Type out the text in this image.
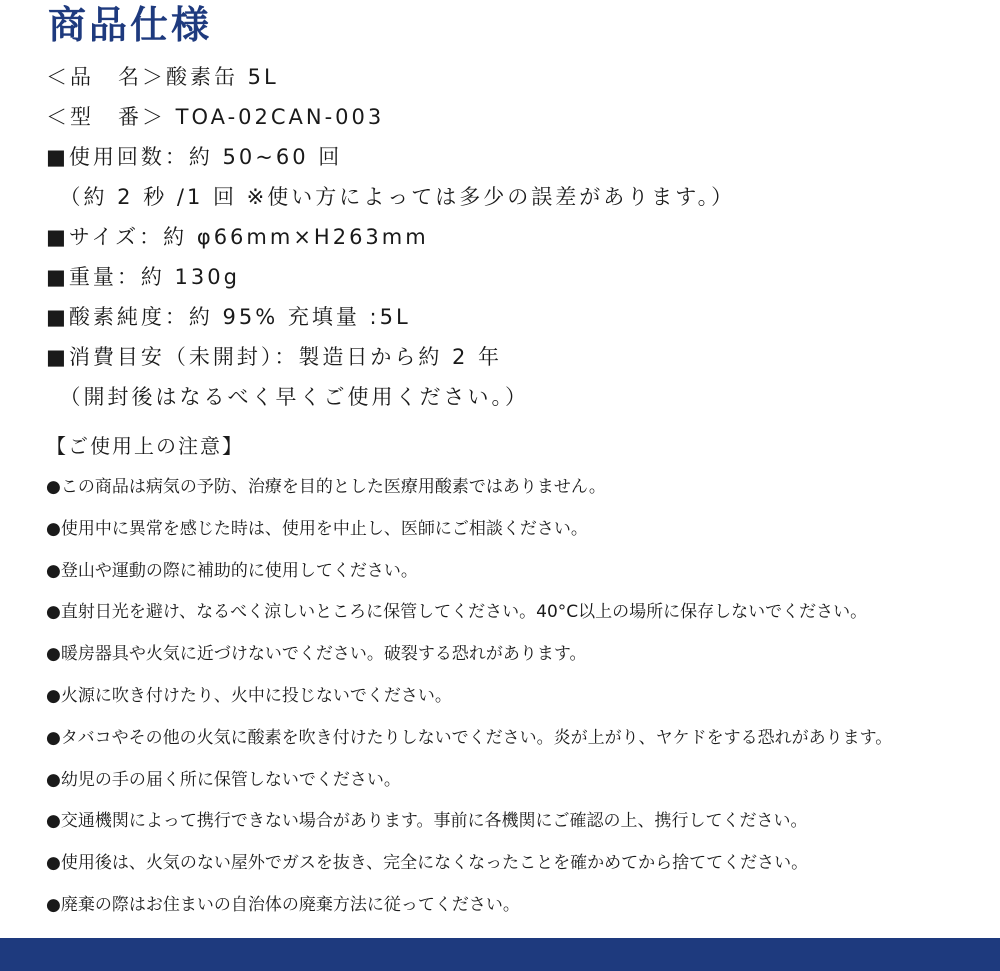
商品仕様
＜品　名＞酸素缶 5L
＜型　番＞ TOA-02CAN-003
■使用回数：約 50~60 回
　（約 2 秒 /1 回 ※使い方によっては多少の誤差があります。）
■サイズ：約 φ66mm×H263mm
■重量：約 130g
■酸素純度：約 95% 充填量 :5L
■消費目安（未開封）：製造日から約 2 年
　（開封後はなるべく早くご使用ください。）
【ご使用上の注意】
●この商品は病気の予防、治療を目的とした医療用酸素ではありません。
●使用中に異常を感じた時は、使用を中止し、医師にご相談ください。
●登山や運動の際に補助的に使用してください。
●直射日光を避け、なるべく涼しいところに保管してください。40°C以上の場所に保存しないでください。
●暖房器具や火気に近づけないでください。破裂する恐れがあります。
●火源に吹き付けたり、火中に投じないでください。
●タバコやその他の火気に酸素を吹き付けたりしないでください。炎が上がり、ヤケドをする恐れがあります。
●幼児の手の届く所に保管しないでください。
●交通機関によって携行できない場合があります。事前に各機関にご確認の上、携行してください。
●使用後は、火気のない屋外でガスを抜き、完全になくなったことを確かめてから捨ててください。
●廃棄の際はお住まいの自治体の廃棄方法に従ってください。
